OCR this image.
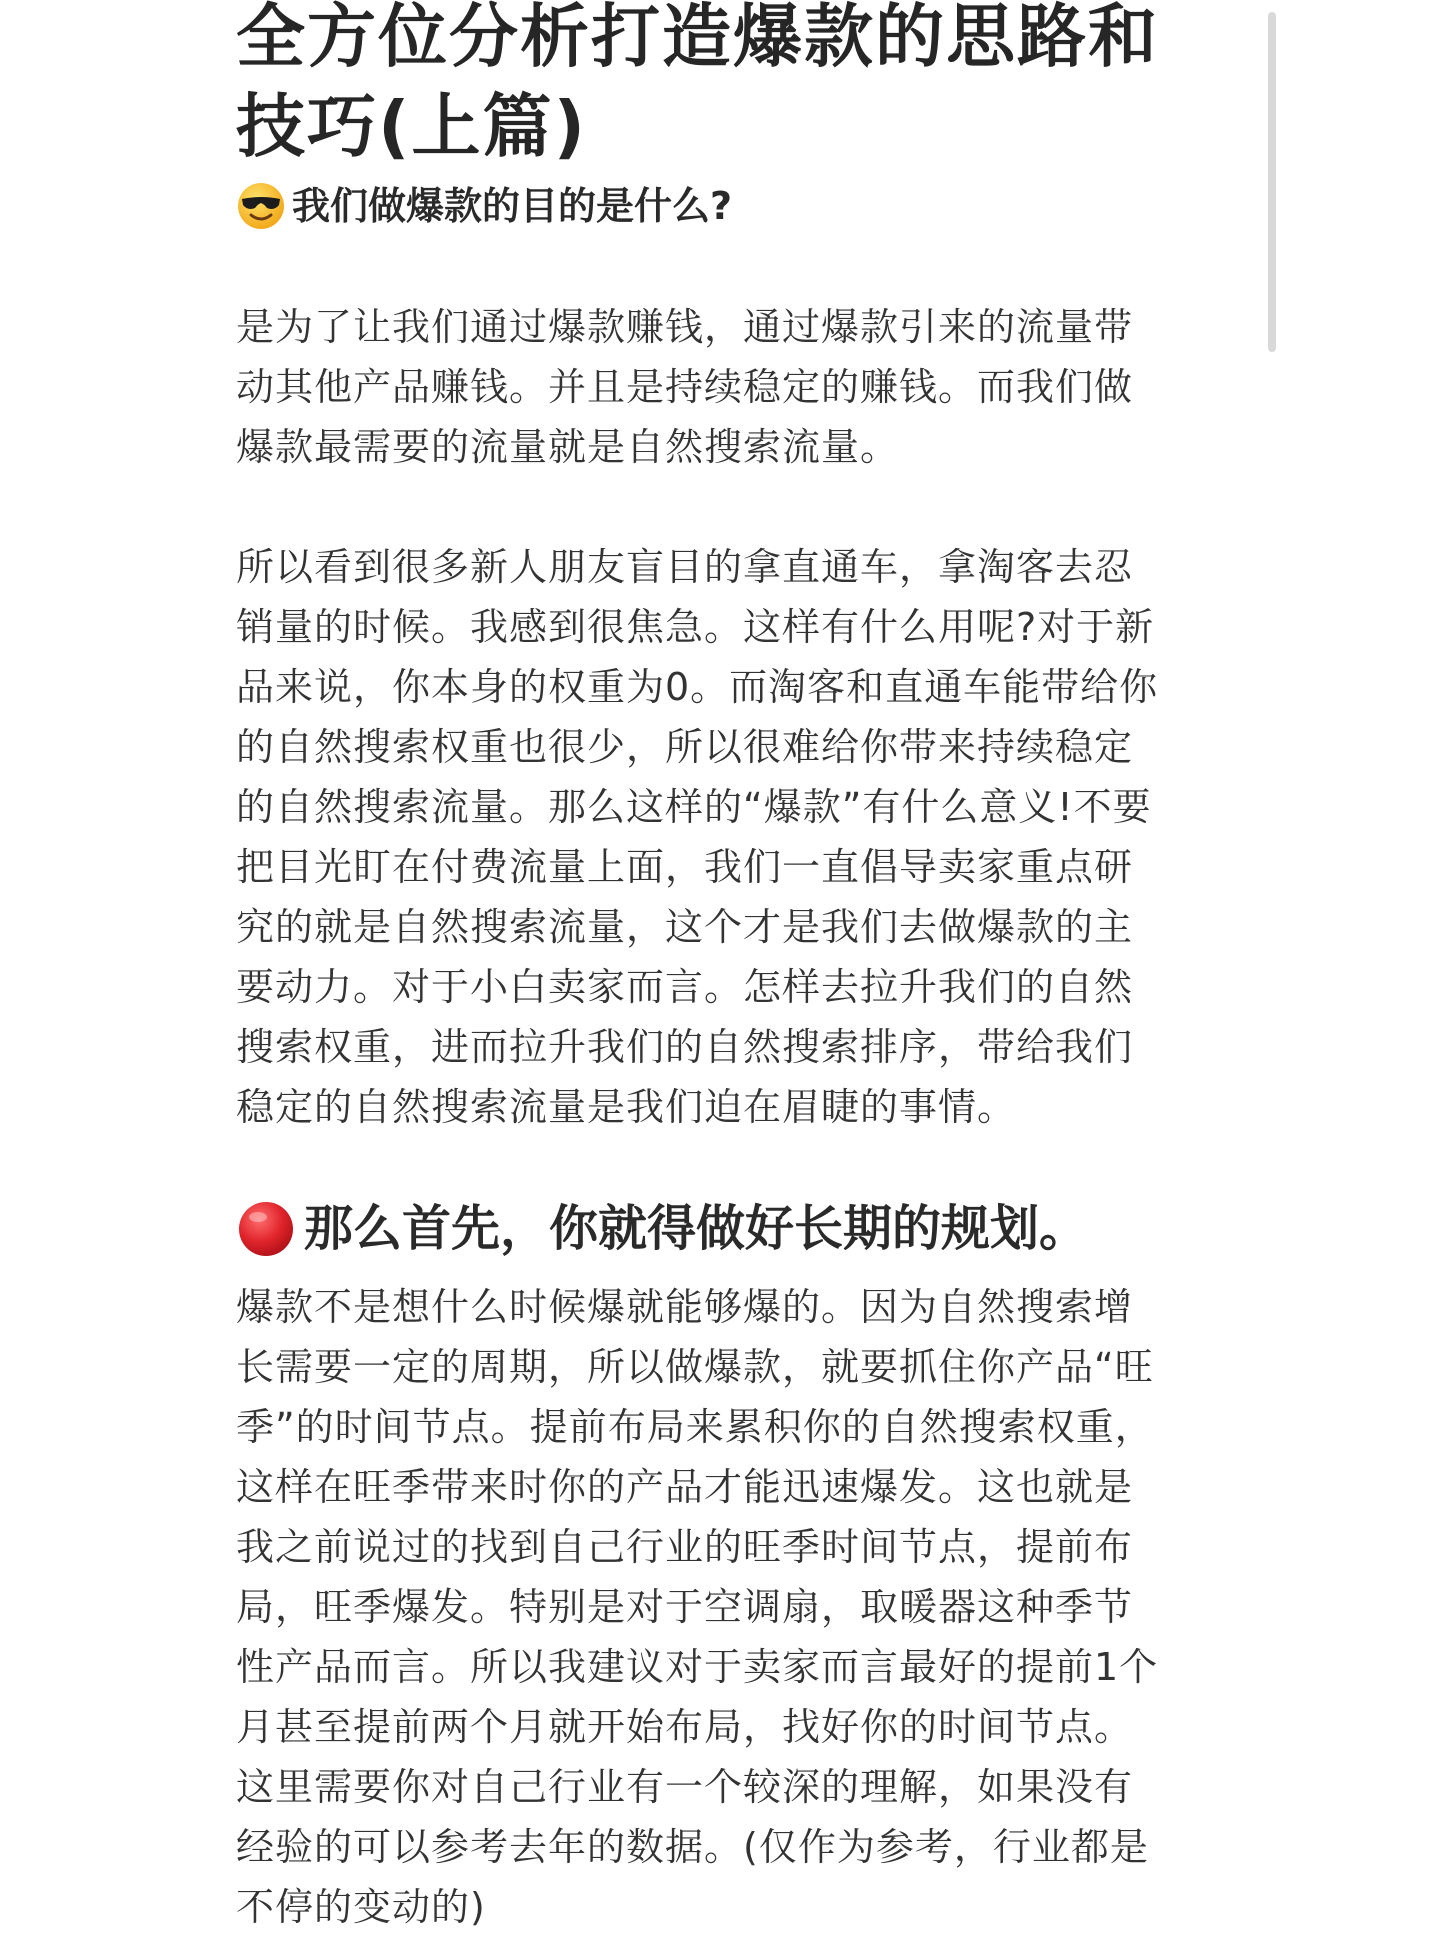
全方位分析打造爆款的思路和技巧(上篇)
我们做爆款的目的是什么?

是为了让我们通过爆款赚钱，通过爆款引来的流量带
动其他产品赚钱。并且是持续稳定的赚钱。而我们做
爆款最需要的流量就是自然搜索流量。

所以看到很多新人朋友盲目的拿直通车，拿淘客去忍
销量的时候。我感到很焦急。这样有什么用呢?对于新
品来说，你本身的权重为0。而淘客和直通车能带给你
的自然搜索权重也很少，所以很难给你带来持续稳定
的自然搜索流量。那么这样的“爆款”有什么意义!不要
把目光盯在付费流量上面，我们一直倡导卖家重点研
究的就是自然搜索流量，这个才是我们去做爆款的主
要动力。对于小白卖家而言。怎样去拉升我们的自然
搜索权重，进而拉升我们的自然搜索排序，带给我们
稳定的自然搜索流量是我们迫在眉睫的事情。

那么首先，你就得做好长期的规划。

爆款不是想什么时候爆就能够爆的。因为自然搜索增
长需要一定的周期，所以做爆款，就要抓住你产品“旺
季”的时间节点。提前布局来累积你的自然搜索权重，
这样在旺季带来时你的产品才能迅速爆发。这也就是
我之前说过的找到自己行业的旺季时间节点，提前布
局，旺季爆发。特别是对于空调扇，取暖器这种季节
性产品而言。所以我建议对于卖家而言最好的提前1个
月甚至提前两个月就开始布局，找好你的时间节点。
这里需要你对自己行业有一个较深的理解，如果没有
经验的可以参考去年的数据。(仅作为参考，行业都是
不停的变动的)
